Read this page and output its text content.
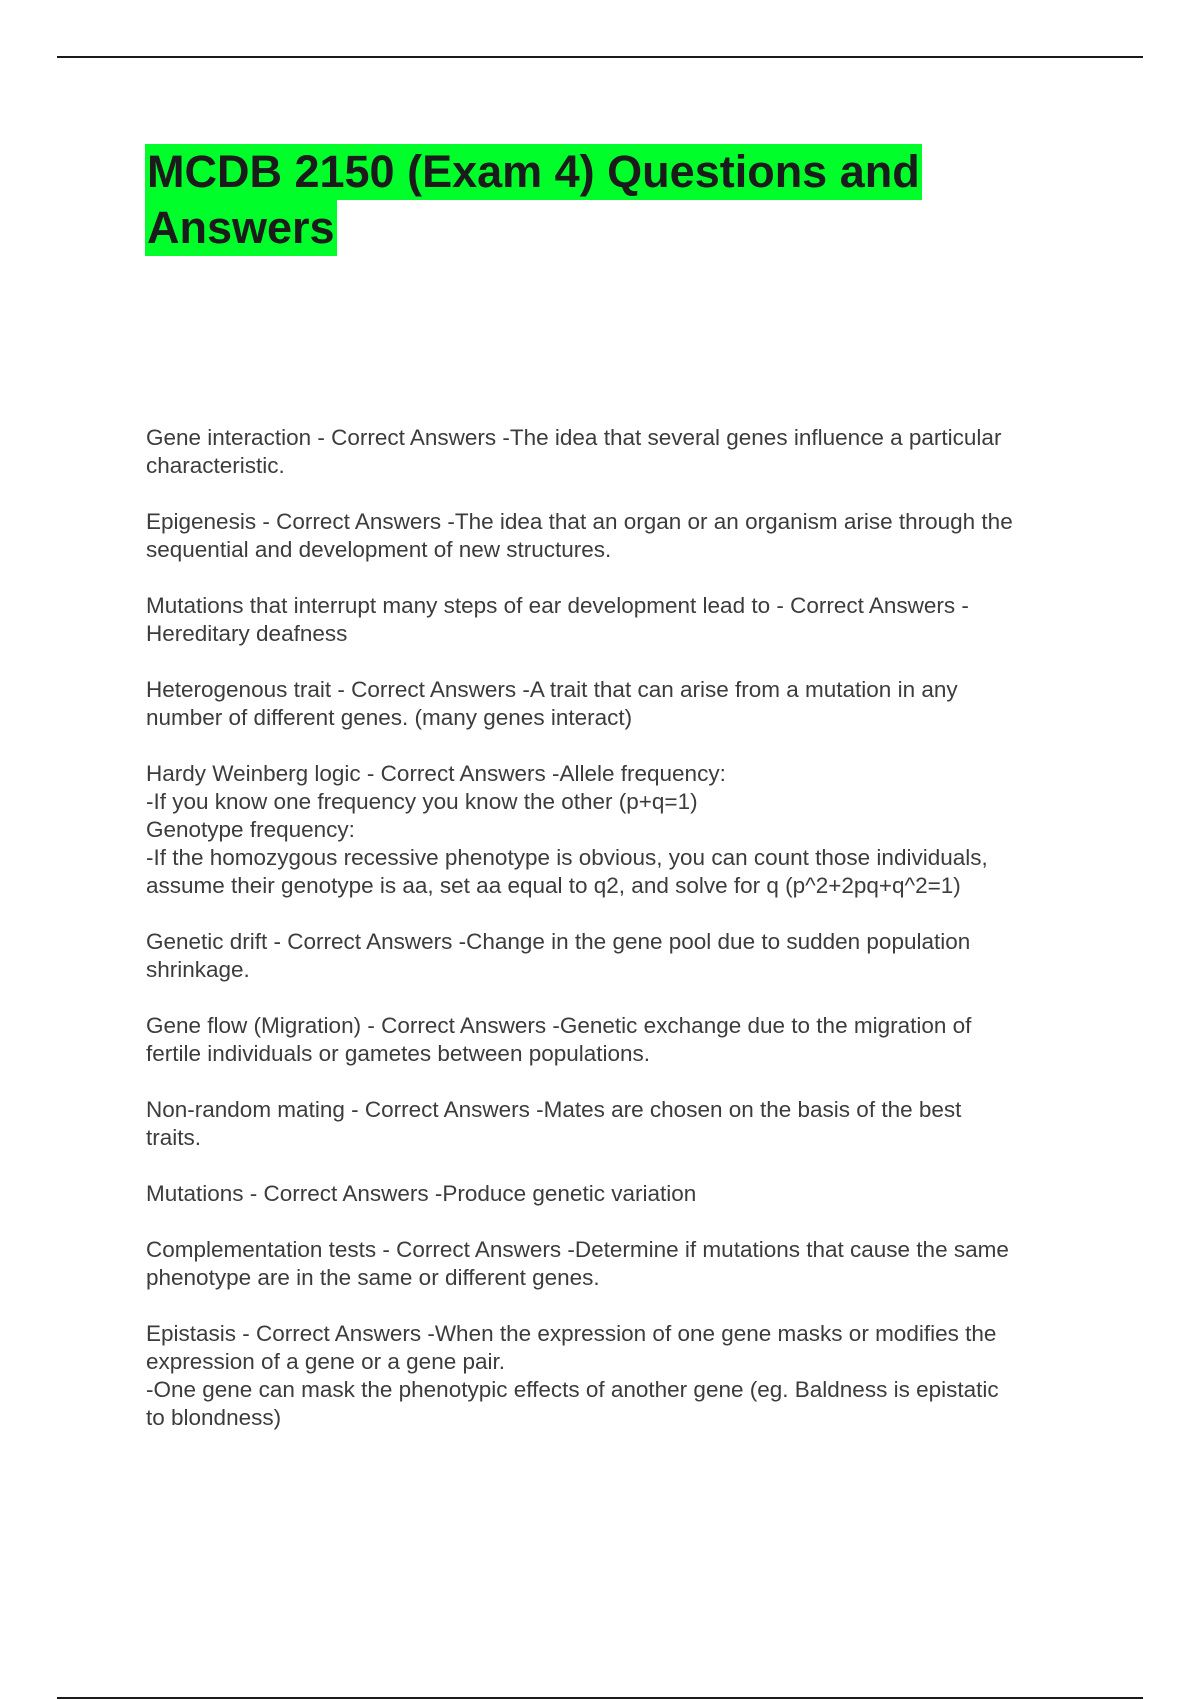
MCDB 2150 (Exam 4) Questions and
Answers
Gene interaction - Correct Answers -The idea that several genes influence a particular
characteristic.
Epigenesis - Correct Answers -The idea that an organ or an organism arise through the
sequential and development of new structures.
Mutations that interrupt many steps of ear development lead to - Correct Answers -
Hereditary deafness
Heterogenous trait - Correct Answers -A trait that can arise from a mutation in any
number of different genes. (many genes interact)
Hardy Weinberg logic - Correct Answers -Allele frequency:
-If you know one frequency you know the other (p+q=1)
Genotype frequency:
-If the homozygous recessive phenotype is obvious, you can count those individuals,
assume their genotype is aa, set aa equal to q2, and solve for q (p^2+2pq+q^2=1)
Genetic drift - Correct Answers -Change in the gene pool due to sudden population
shrinkage.
Gene flow (Migration) - Correct Answers -Genetic exchange due to the migration of
fertile individuals or gametes between populations.
Non-random mating - Correct Answers -Mates are chosen on the basis of the best
traits.
Mutations - Correct Answers -Produce genetic variation
Complementation tests - Correct Answers -Determine if mutations that cause the same
phenotype are in the same or different genes.
Epistasis - Correct Answers -When the expression of one gene masks or modifies the
expression of a gene or a gene pair.
-One gene can mask the phenotypic effects of another gene (eg. Baldness is epistatic
to blondness)
